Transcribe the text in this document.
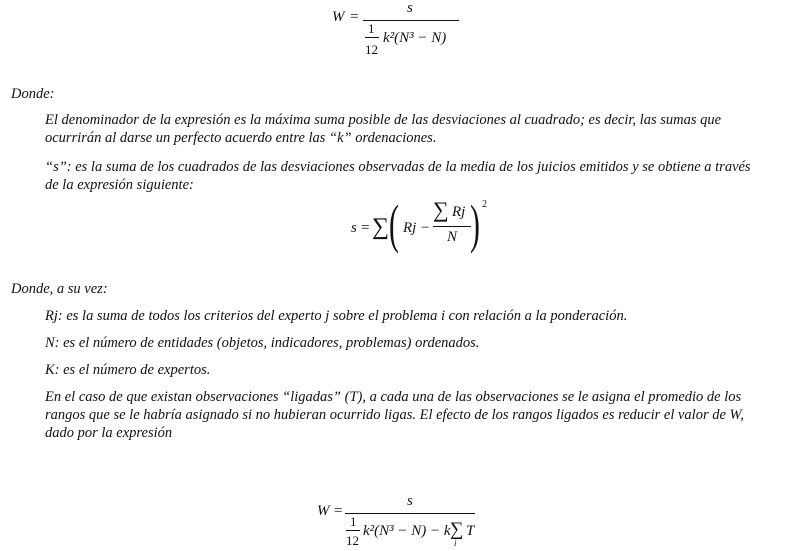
W =
s
1
12
k²(N³ − N)
Donde:
El denominador de la expresión es la máxima suma posible de las desviaciones al cuadrado; es decir, las sumas que
ocurrirán al darse un perfecto acuerdo entre las “k” ordenaciones.
“s”: es la suma de los cuadrados de las desviaciones observadas de la media de los juicios emitidos y se obtiene a través
de la expresión siguiente:
s = ∑ ( Rj −
∑ Rj
N ) 2
Donde, a su vez:
Rj: es la suma de todos los criterios del experto j sobre el problema i con relación a la ponderación.
N: es el número de entidades (objetos, indicadores, problemas) ordenados.
K: es el número de expertos.
En el caso de que existan observaciones “ligadas” (T), a cada una de las observaciones se le asigna el promedio de los
rangos que se le habría asignado si no hubieran ocurrido ligas. El efecto de los rangos ligados es reducir el valor de W,
dado por la expresión
W =
s
1
12
k²(N³ − N) − k ∑ T
i
